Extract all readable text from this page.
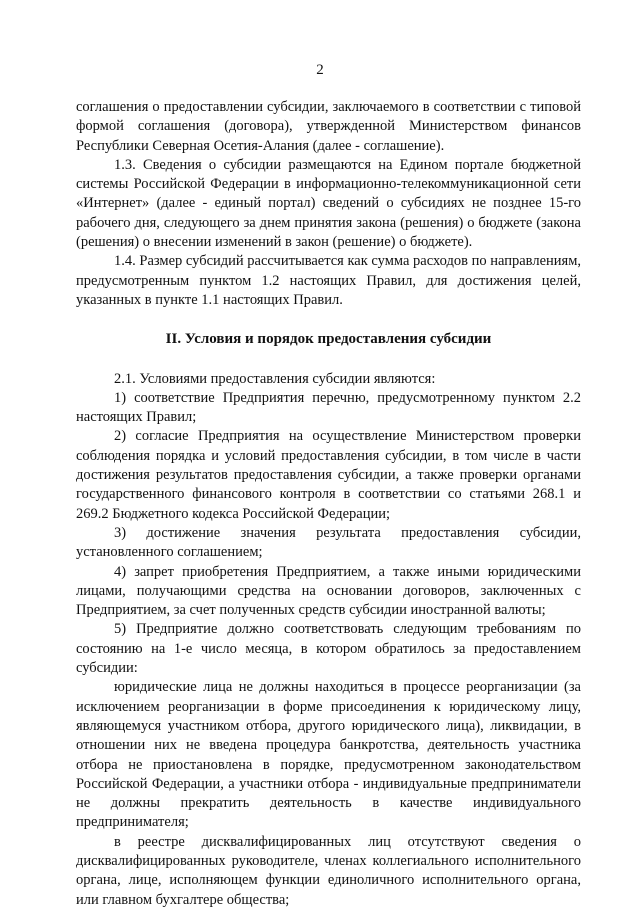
2

соглашения о предоставлении субсидии, заключаемого в соответствии с типовой формой соглашения (договора), утвержденной Министерством финансов Республики Северная Осетия-Алания (далее - соглашение).

1.3. Сведения о субсидии размещаются на Едином портале бюджетной системы Российской Федерации в информационно-телекоммуникационной сети «Интернет» (далее - единый портал) сведений о субсидиях не позднее 15-го рабочего дня, следующего за днем принятия закона (решения) о бюджете (закона (решения) о внесении изменений в закон (решение) о бюджете).

1.4. Размер субсидий рассчитывается как сумма расходов по направлениям, предусмотренным пунктом 1.2 настоящих Правил, для достижения целей, указанных в пункте 1.1 настоящих Правил.

II. Условия и порядок предоставления субсидии

2.1. Условиями предоставления субсидии являются:

1) соответствие Предприятия перечню, предусмотренному пунктом 2.2 настоящих Правил;

2) согласие Предприятия на осуществление Министерством проверки соблюдения порядка и условий предоставления субсидии, в том числе в части достижения результатов предоставления субсидии, а также проверки органами государственного финансового контроля в соответствии со статьями 268.1 и 269.2 Бюджетного кодекса Российской Федерации;

3) достижение значения результата предоставления субсидии, установленного соглашением;

4) запрет приобретения Предприятием, а также иными юридическими лицами, получающими средства на основании договоров, заключенных с Предприятием, за счет полученных средств субсидии иностранной валюты;

5) Предприятие должно соответствовать следующим требованиям по состоянию на 1-е число месяца, в котором обратилось за предоставлением субсидии:

юридические лица не должны находиться в процессе реорганизации (за исключением реорганизации в форме присоединения к юридическому лицу, являющемуся участником отбора, другого юридического лица), ликвидации, в отношении них не введена процедура банкротства, деятельность участника отбора не приостановлена в порядке, предусмотренном законодательством Российской Федерации, а участники отбора - индивидуальные предприниматели не должны прекратить деятельность в качестве индивидуального предпринимателя;

в реестре дисквалифицированных лиц отсутствуют сведения о дисквалифицированных руководителе, членах коллегиального исполнительного органа, лице, исполняющем функции единоличного исполнительного органа, или главном бухгалтере общества;
